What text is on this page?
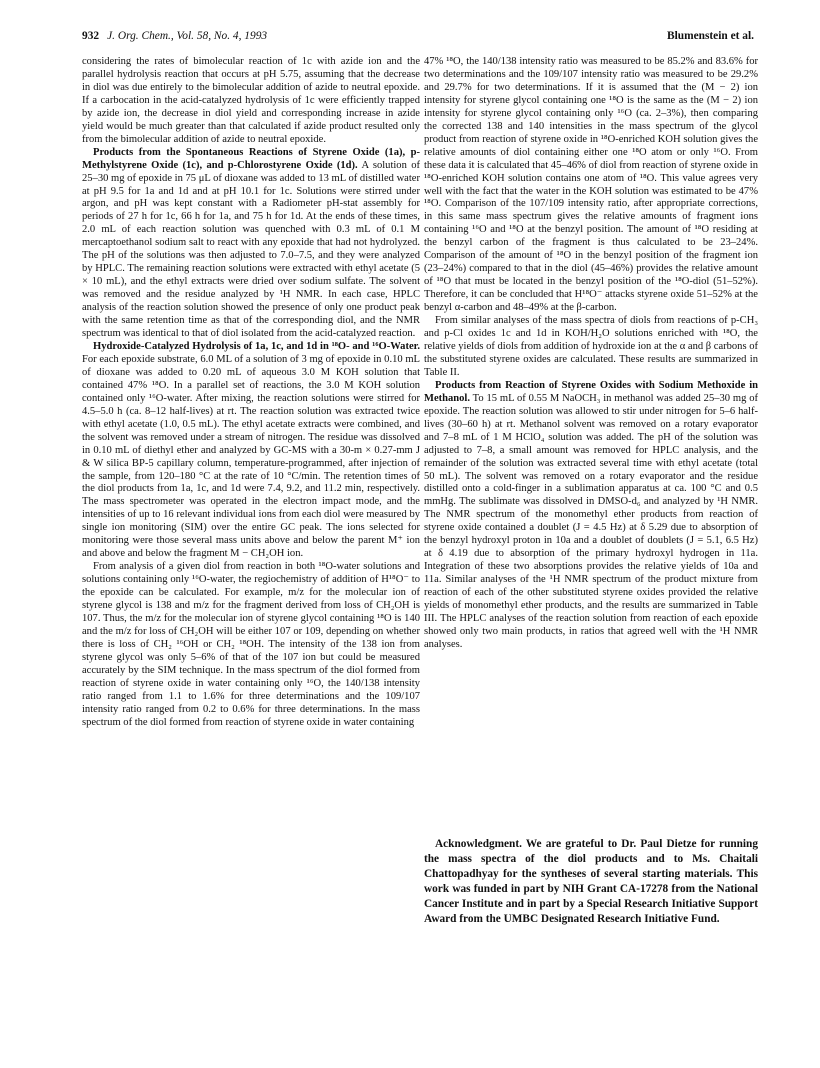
932 J. Org. Chem., Vol. 58, No. 4, 1993	Blumenstein et al.

considering the rates of bimolecular reaction of 1c with azide ion and the parallel hydrolysis reaction that occurs at pH 5.75, assuming that the decrease in diol was due entirely to the bimolecular addition of azide to neutral epoxide. If a carbocation in the acid-catalyzed hydrolysis of 1c were efficiently trapped by azide ion, the decrease in diol yield and corresponding increase in azide yield would be much greater than that calculated if azide product resulted only from the bimolecular addition of azide to neutral epoxide.

Products from the Spontaneous Reactions of Styrene Oxide (1a), p-Methylstyrene Oxide (1c), and p-Chlorostyrene Oxide (1d). A solution of 25–30 mg of epoxide in 75 μL of dioxane was added to 13 mL of distilled water at pH 9.5 for 1a and 1d and at pH 10.1 for 1c. Solutions were stirred under argon, and pH was kept constant with a Radiometer pH-stat assembly for periods of 27 h for 1c, 66 h for 1a, and 75 h for 1d. At the ends of these times, 2.0 mL of each reaction solution was quenched with 0.3 mL of 0.1 M mercaptoethanol sodium salt to react with any epoxide that had not hydrolyzed. The pH of the solutions was then adjusted to 7.0–7.5, and they were analyzed by HPLC. The remaining reaction solutions were extracted with ethyl acetate (5 × 10 mL), and the ethyl extracts were dried over sodium sulfate. The solvent was removed and the residue analyzed by ¹H NMR. In each case, HPLC analysis of the reaction solution showed the presence of only one product peak with the same retention time as that of the corresponding diol, and the NMR spectrum was identical to that of diol isolated from the acid-catalyzed reaction.

Hydroxide-Catalyzed Hydrolysis of 1a, 1c, and 1d in ¹⁸O- and ¹⁶O-Water. For each epoxide substrate, 6.0 ML of a solution of 3 mg of epoxide in 0.10 mL of dioxane was added to 0.20 mL of aqueous 3.0 M KOH solution that contained 47% ¹⁸O. In a parallel set of reactions, the 3.0 M KOH solution contained only ¹⁶O-water. After mixing, the reaction solutions were stirred for 4.5–5.0 h (ca. 8–12 half-lives) at rt. The reaction solution was extracted twice with ethyl acetate (1.0, 0.5 mL). The ethyl acetate extracts were combined, and the solvent was removed under a stream of nitrogen. The residue was dissolved in 0.10 mL of diethyl ether and analyzed by GC-MS with a 30-m × 0.27-mm J & W silica BP-5 capillary column, temperature-programmed, after injection of the sample, from 120–180 °C at the rate of 10 °C/min. The retention times of the diol products from 1a, 1c, and 1d were 7.4, 9.2, and 11.2 min, respectively. The mass spectrometer was operated in the electron impact mode, and the intensities of up to 16 relevant individual ions from each diol were measured by single ion monitoring (SIM) over the entire GC peak. The ions selected for monitoring were those several mass units above and below the parent M⁺ ion and above and below the fragment M − CH₂OH ion.

From analysis of a given diol from reaction in both ¹⁸O-water solutions and solutions containing only ¹⁶O-water, the regiochemistry of addition of H¹⁸O⁻ to the epoxide can be calculated. For example, m/z for the molecular ion of styrene glycol is 138 and m/z for the fragment derived from loss of CH₂OH is 107. Thus, the m/z for the molecular ion of styrene glycol containing ¹⁸O is 140 and the m/z for loss of CH₂OH will be either 107 or 109, depending on whether there is loss of CH₂ ¹⁶OH or CH₂ ¹⁸OH. The intensity of the 138 ion from styrene glycol was only 5–6% of that of the 107 ion but could be measured accurately by the SIM technique. In the mass spectrum of the diol formed from reaction of styrene oxide in water containing only ¹⁶O, the 140/138 intensity ratio ranged from 1.1 to 1.6% for three determinations and the 109/107 intensity ratio ranged from 0.2 to 0.6% for three determinations. In the mass spectrum of the diol formed from reaction of styrene oxide in water containing

47% ¹⁸O, the 140/138 intensity ratio was measured to be 85.2% and 83.6% for two determinations and the 109/107 intensity ratio was measured to be 29.2% and 29.7% for two determinations. If it is assumed that the (M − 2) ion intensity for styrene glycol containing one ¹⁸O is the same as the (M − 2) ion intensity for styrene glycol containing only ¹⁶O (ca. 2–3%), then comparing the corrected 138 and 140 intensities in the mass spectrum of the glycol product from reaction of styrene oxide in ¹⁸O-enriched KOH solution gives the relative amounts of diol containing either one ¹⁸O atom or only ¹⁶O. From these data it is calculated that 45–46% of diol from reaction of styrene oxide in ¹⁸O-enriched KOH solution contains one atom of ¹⁸O. This value agrees very well with the fact that the water in the KOH solution was estimated to be 47% ¹⁸O. Comparison of the 107/109 intensity ratio, after appropriate corrections, in this same mass spectrum gives the relative amounts of fragment ions containing ¹⁶O and ¹⁸O at the benzyl position. The amount of ¹⁸O residing at the benzyl carbon of the fragment is thus calculated to be 23–24%. Comparison of the amount of ¹⁸O in the benzyl position of the fragment ion (23–24%) compared to that in the diol (45–46%) provides the relative amount of ¹⁸O that must be located in the benzyl position of the ¹⁸O-diol (51–52%). Therefore, it can be concluded that H¹⁸O⁻ attacks styrene oxide 51–52% at the benzyl α-carbon and 48–49% at the β-carbon.

From similar analyses of the mass spectra of diols from reactions of p-CH₃ and p-Cl oxides 1c and 1d in KOH/H₂O solutions enriched with ¹⁸O, the relative yields of diols from addition of hydroxide ion at the α and β carbons of the substituted styrene oxides are calculated. These results are summarized in Table II.

Products from Reaction of Styrene Oxides with Sodium Methoxide in Methanol. To 15 mL of 0.55 M NaOCH₃ in methanol was added 25–30 mg of epoxide. The reaction solution was allowed to stir under nitrogen for 5–6 half-lives (30–60 h) at rt. Methanol solvent was removed on a rotary evaporator and 7–8 mL of 1 M HClO₄ solution was added. The pH of the solution was adjusted to 7–8, a small amount was removed for HPLC analysis, and the remainder of the solution was extracted several time with ethyl acetate (total 50 mL). The solvent was removed on a rotary evaporator and the residue distilled onto a cold-finger in a sublimation apparatus at ca. 100 °C and 0.5 mmHg. The sublimate was dissolved in DMSO-d₆ and analyzed by ¹H NMR. The NMR spectrum of the monomethyl ether products from reaction of styrene oxide contained a doublet (J = 4.5 Hz) at δ 5.29 due to absorption of the benzyl hydroxyl proton in 10a and a doublet of doublets (J = 5.1, 6.5 Hz) at δ 4.19 due to absorption of the primary hydroxyl hydrogen in 11a. Integration of these two absorptions provides the relative yields of 10a and 11a. Similar analyses of the ¹H NMR spectrum of the product mixture from reaction of each of the other substituted styrene oxides provided the relative yields of monomethyl ether products, and the results are summarized in Table III. The HPLC analyses of the reaction solution from reaction of each epoxide showed only two main products, in ratios that agreed well with the ¹H NMR analyses.

Acknowledgment. We are grateful to Dr. Paul Dietze for running the mass spectra of the diol products and to Ms. Chaitali Chattopadhyay for the syntheses of several starting materials. This work was funded in part by NIH Grant CA-17278 from the National Cancer Institute and in part by a Special Research Initiative Support Award from the UMBC Designated Research Initiative Fund.
